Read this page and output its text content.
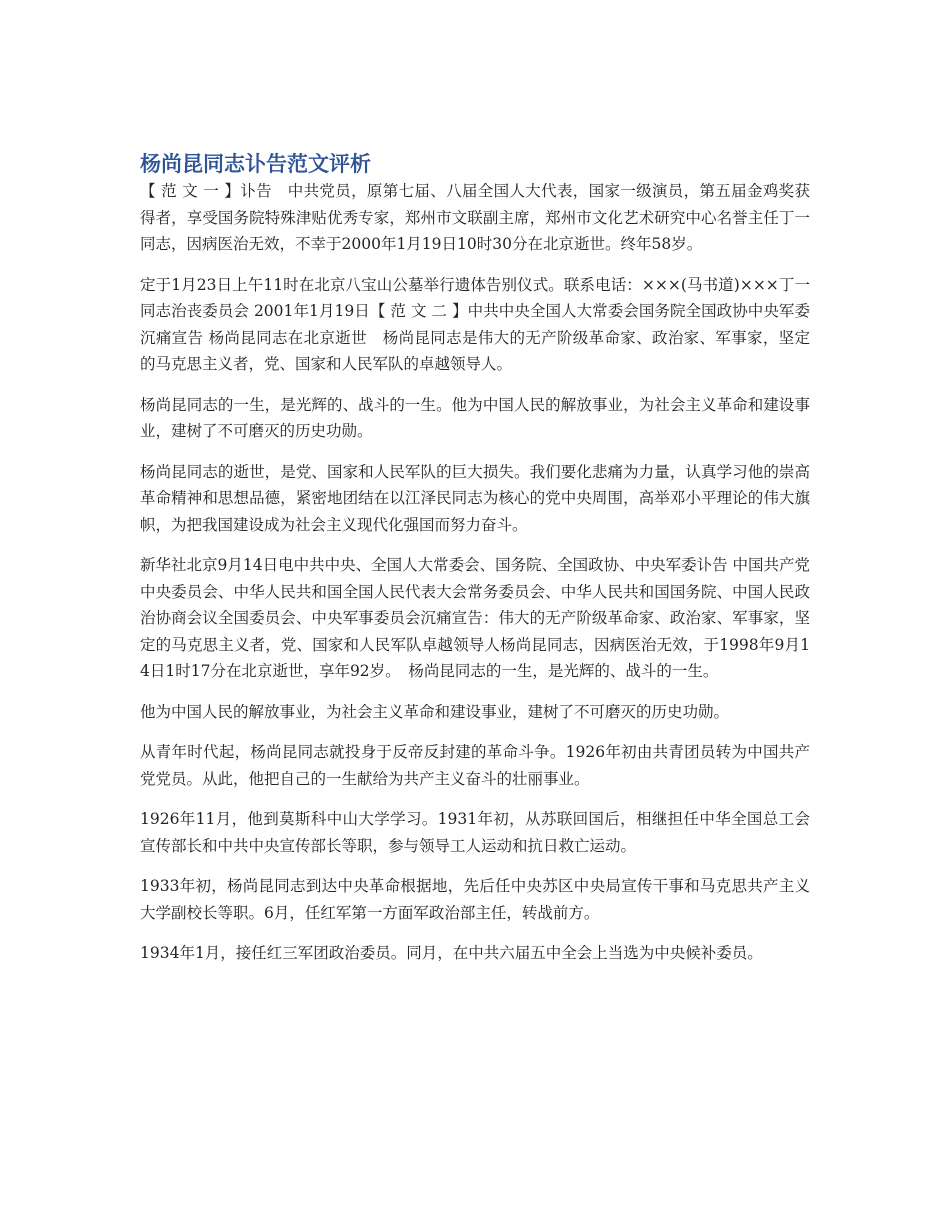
杨尚昆同志讣告范文评析

【 范 文 一 】讣告　中共党员，原第七届、八届全国人大代表，国家一级演员，第五届金鸡奖获得者，享受国务院特殊津贴优秀专家，郑州市文联副主席，郑州市文化艺术研究中心名誉主任丁一同志，因病医治无效，不幸于2000年1月19日10时30分在北京逝世。终年58岁。

定于1月23日上午11时在北京八宝山公墓举行遗体告别仪式。联系电话：×××(马书道)×××丁一同志治丧委员会 2001年1月19日【 范 文 二 】中共中央全国人大常委会国务院全国政协中央军委沉痛宣告 杨尚昆同志在北京逝世　杨尚昆同志是伟大的无产阶级革命家、政治家、军事家，坚定的马克思主义者，党、国家和人民军队的卓越领导人。

杨尚昆同志的一生，是光辉的、战斗的一生。他为中国人民的解放事业，为社会主义革命和建设事业，建树了不可磨灭的历史功勋。

杨尚昆同志的逝世，是党、国家和人民军队的巨大损失。我们要化悲痛为力量，认真学习他的崇高革命精神和思想品德，紧密地团结在以江泽民同志为核心的党中央周围，高举邓小平理论的伟大旗帜，为把我国建设成为社会主义现代化强国而努力奋斗。

新华社北京9月14日电中共中央、全国人大常委会、国务院、全国政协、中央军委讣告 中国共产党中央委员会、中华人民共和国全国人民代表大会常务委员会、中华人民共和国国务院、中国人民政治协商会议全国委员会、中央军事委员会沉痛宣告：伟大的无产阶级革命家、政治家、军事家，坚定的马克思主义者，党、国家和人民军队卓越领导人杨尚昆同志，因病医治无效，于1998年9月14日1时17分在北京逝世，享年92岁。　杨尚昆同志的一生，是光辉的、战斗的一生。

他为中国人民的解放事业，为社会主义革命和建设事业，建树了不可磨灭的历史功勋。

从青年时代起，杨尚昆同志就投身于反帝反封建的革命斗争。1926年初由共青团员转为中国共产党党员。从此，他把自己的一生献给为共产主义奋斗的壮丽事业。

1926年11月，他到莫斯科中山大学学习。1931年初，从苏联回国后，相继担任中华全国总工会宣传部长和中共中央宣传部长等职，参与领导工人运动和抗日救亡运动。

1933年初，杨尚昆同志到达中央革命根据地，先后任中央苏区中央局宣传干事和马克思共产主义大学副校长等职。6月，任红军第一方面军政治部主任，转战前方。

1934年1月，接任红三军团政治委员。同月，在中共六届五中全会上当选为中央候补委员。
